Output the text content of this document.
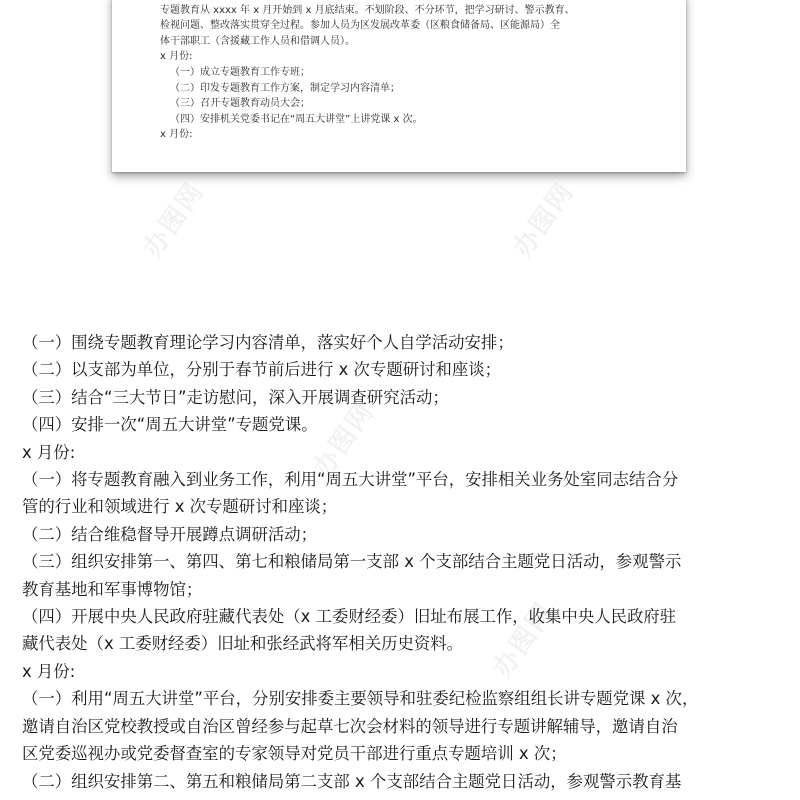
专题教育从 xxxx 年 x 月开始到 x 月底结束。不划阶段、不分环节，把学习研讨、警示教育、
检视问题、整改落实贯穿全过程。参加人员为区发展改革委（区粮食储备局、区能源局）全
体干部职工（含援藏工作人员和借调人员）。
x 月份:
（一）成立专题教育工作专班；
（二）印发专题教育工作方案，制定学习内容清单；
（三）召开专题教育动员大会；
（四）安排机关党委书记在“周五大讲堂”上讲党课 x 次。
x 月份:
办图网	办图网
办图网
办图网
（一）围绕专题教育理论学习内容清单，落实好个人自学活动安排；
（二）以支部为单位，分别于春节前后进行 x 次专题研讨和座谈；
（三）结合“三大节日”走访慰问，深入开展调查研究活动；
（四）安排一次“周五大讲堂”专题党课。
x 月份:
（一）将专题教育融入到业务工作，利用“周五大讲堂”平台，安排相关业务处室同志结合分
管的行业和领域进行 x 次专题研讨和座谈；
（二）结合维稳督导开展蹲点调研活动；
（三）组织安排第一、第四、第七和粮储局第一支部 x 个支部结合主题党日活动，参观警示
教育基地和军事博物馆；
（四）开展中央人民政府驻藏代表处（x 工委财经委）旧址布展工作，收集中央人民政府驻
藏代表处（x 工委财经委）旧址和张经武将军相关历史资料。
x 月份:
（一）利用“周五大讲堂”平台，分别安排委主要领导和驻委纪检监察组组长讲专题党课 x 次，
邀请自治区党校教授或自治区曾经参与起草七次会材料的领导进行专题讲解辅导，邀请自治
区党委巡视办或党委督查室的专家领导对党员干部进行重点专题培训 x 次；
（二）组织安排第二、第五和粮储局第二支部 x 个支部结合主题党日活动，参观警示教育基
